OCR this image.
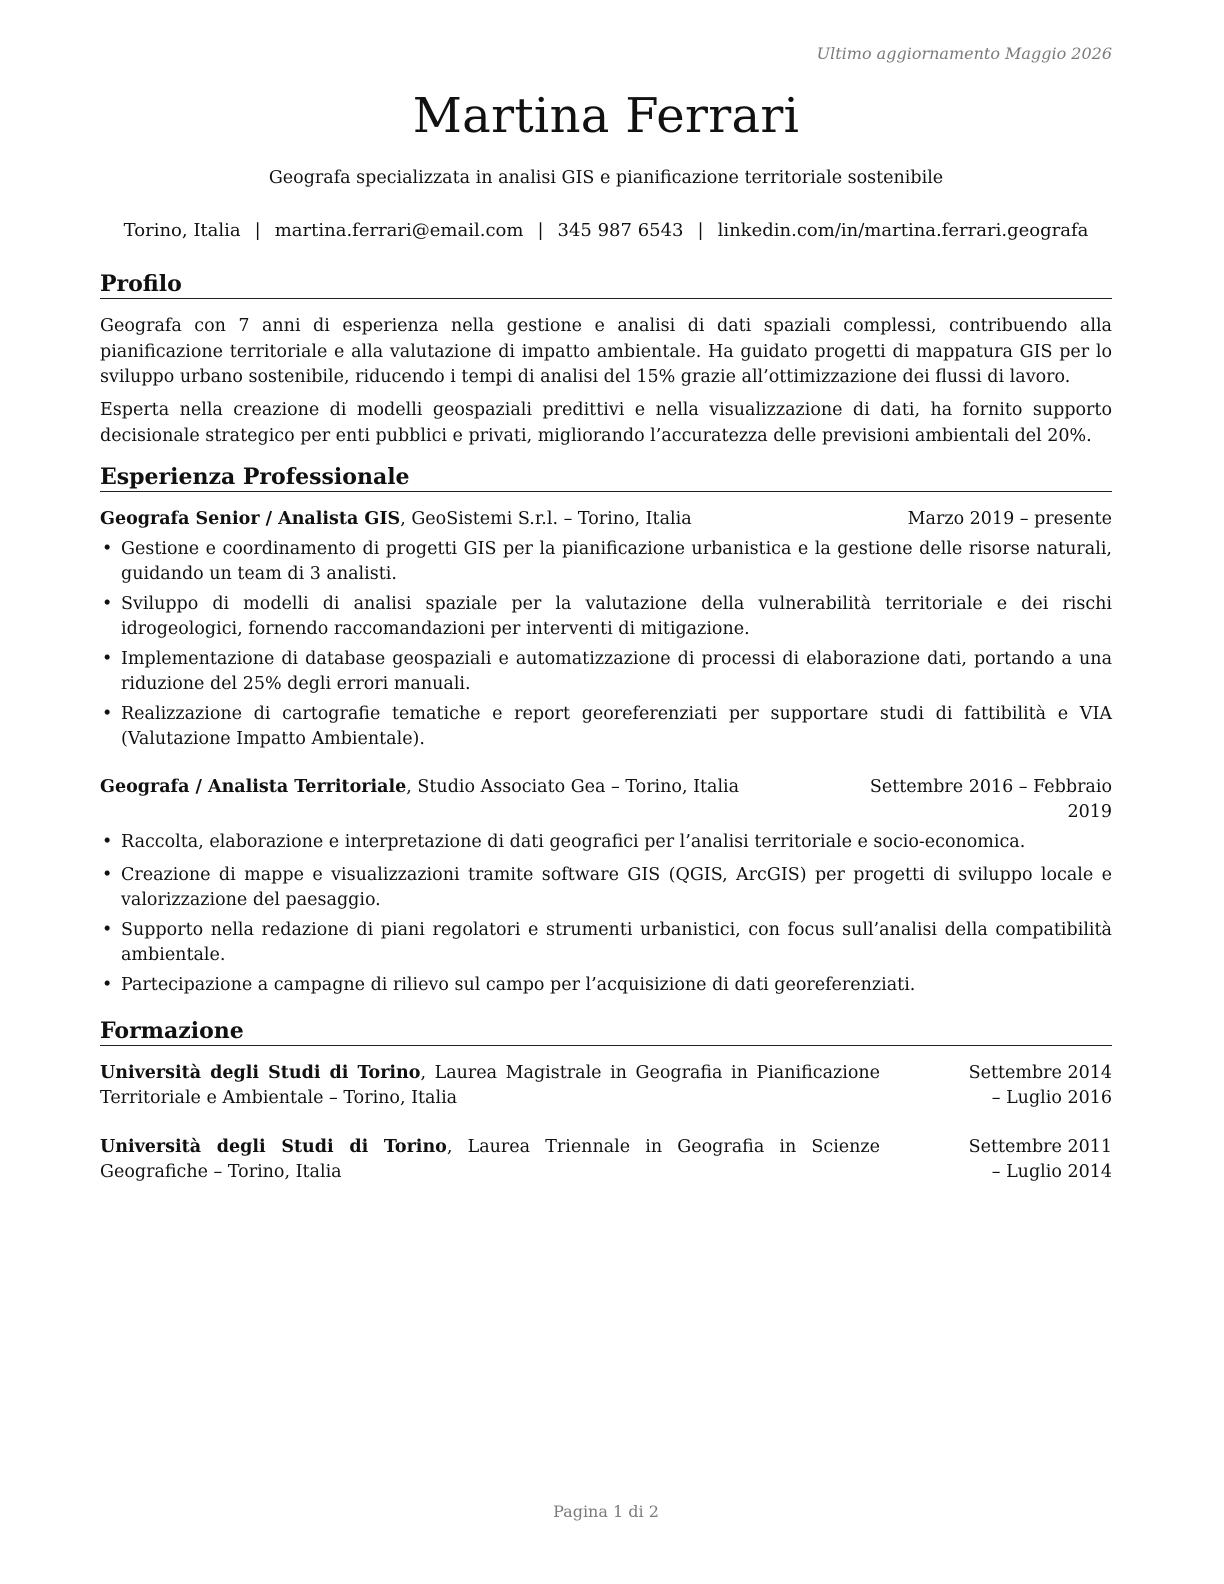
Ultimo aggiornamento Maggio 2026
Martina Ferrari
Geografa specializzata in analisi GIS e pianificazione territoriale sostenibile
Torino, Italia | martina.ferrari@email.com | 345 987 6543 | linkedin.com/in/martina.ferrari.geografa
Profilo
Geografa con 7 anni di esperienza nella gestione e analisi di dati spaziali complessi, contribuendo alla pianificazione territoriale e alla valutazione di impatto ambientale. Ha guidato progetti di mappatura GIS per lo sviluppo urbano sostenibile, riducendo i tempi di analisi del 15% grazie all’ottimizzazione dei flussi di lavoro.
Esperta nella creazione di modelli geospaziali predittivi e nella visualizzazione di dati, ha fornito supporto decisionale strategico per enti pubblici e privati, migliorando l’accuratezza delle previsioni ambientali del 20%.
Esperienza Professionale
Geografa Senior / Analista GIS, GeoSistemi S.r.l. – Torino, Italia	Marzo 2019 – presente
• Gestione e coordinamento di progetti GIS per la pianificazione urbanistica e la gestione delle risorse naturali, guidando un team di 3 analisti.
• Sviluppo di modelli di analisi spaziale per la valutazione della vulnerabilità territoriale e dei rischi idrogeologici, fornendo raccomandazioni per interventi di mitigazione.
• Implementazione di database geospaziali e automatizzazione di processi di elaborazione dati, portando a una riduzione del 25% degli errori manuali.
• Realizzazione di cartografie tematiche e report georeferenziati per supportare studi di fattibilità e VIA (Valutazione Impatto Ambientale).
Geografa / Analista Territoriale, Studio Associato Gea – Torino, Italia	Settembre 2016 – Febbraio 2019
• Raccolta, elaborazione e interpretazione di dati geografici per l’analisi territoriale e socio-economica.
• Creazione di mappe e visualizzazioni tramite software GIS (QGIS, ArcGIS) per progetti di sviluppo locale e valorizzazione del paesaggio.
• Supporto nella redazione di piani regolatori e strumenti urbanistici, con focus sull’analisi della compatibilità ambientale.
• Partecipazione a campagne di rilievo sul campo per l’acquisizione di dati georeferenziati.
Formazione
Università degli Studi di Torino, Laurea Magistrale in Geografia in Pianificazione Territoriale e Ambientale – Torino, Italia
Settembre 2014 – Luglio 2016
Università degli Studi di Torino, Laurea Triennale in Geografia in Scienze Geografiche – Torino, Italia
Settembre 2011 – Luglio 2014
Pagina 1 di 2
